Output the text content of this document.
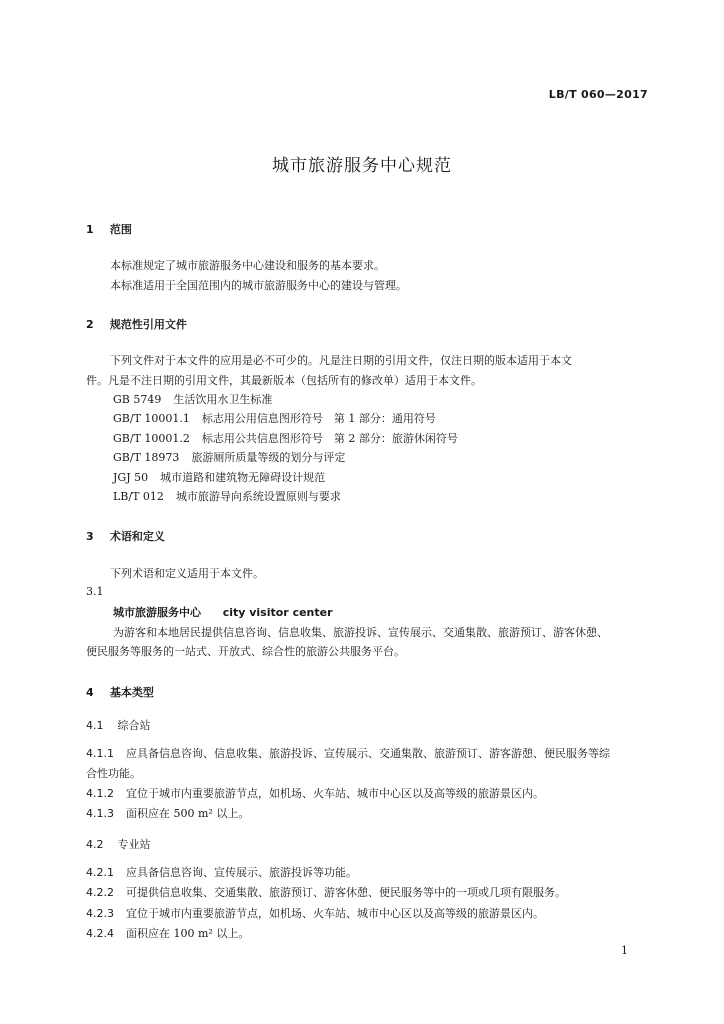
LB/T 060—2017
城市旅游服务中心规范
1 范围
本标准规定了城市旅游服务中心建设和服务的基本要求。
本标准适用于全国范围内的城市旅游服务中心的建设与管理。
2 规范性引用文件
下列文件对于本文件的应用是必不可少的。凡是注日期的引用文件，仅注日期的版本适用于本文
件。凡是不注日期的引用文件，其最新版本（包括所有的修改单）适用于本文件。
GB 5749 生活饮用水卫生标准
GB/T 10001.1 标志用公用信息图形符号　第 1 部分：通用符号
GB/T 10001.2 标志用公共信息图形符号　第 2 部分：旅游休闲符号
GB/T 18973 旅游厕所质量等级的划分与评定
JGJ 50 城市道路和建筑物无障碍设计规范
LB/T 012 城市旅游导向系统设置原则与要求
3 术语和定义
下列术语和定义适用于本文件。
3.1
城市旅游服务中心 city visitor center
为游客和本地居民提供信息咨询、信息收集、旅游投诉、宣传展示、交通集散、旅游预订、游客休憩、
便民服务等服务的一站式、开放式、综合性的旅游公共服务平台。
4 基本类型
4.1 综合站
4.1.1 应具备信息咨询、信息收集、旅游投诉、宣传展示、交通集散、旅游预订、游客游憩、便民服务等综
合性功能。
4.1.2 宜位于城市内重要旅游节点，如机场、火车站、城市中心区以及高等级的旅游景区内。
4.1.3 面积应在 500 m² 以上。
4.2 专业站
4.2.1 应具备信息咨询、宣传展示、旅游投诉等功能。
4.2.2 可提供信息收集、交通集散、旅游预订、游客休憩、便民服务等中的一项或几项有限服务。
4.2.3 宜位于城市内重要旅游节点，如机场、火车站、城市中心区以及高等级的旅游景区内。
4.2.4 面积应在 100 m² 以上。
1
